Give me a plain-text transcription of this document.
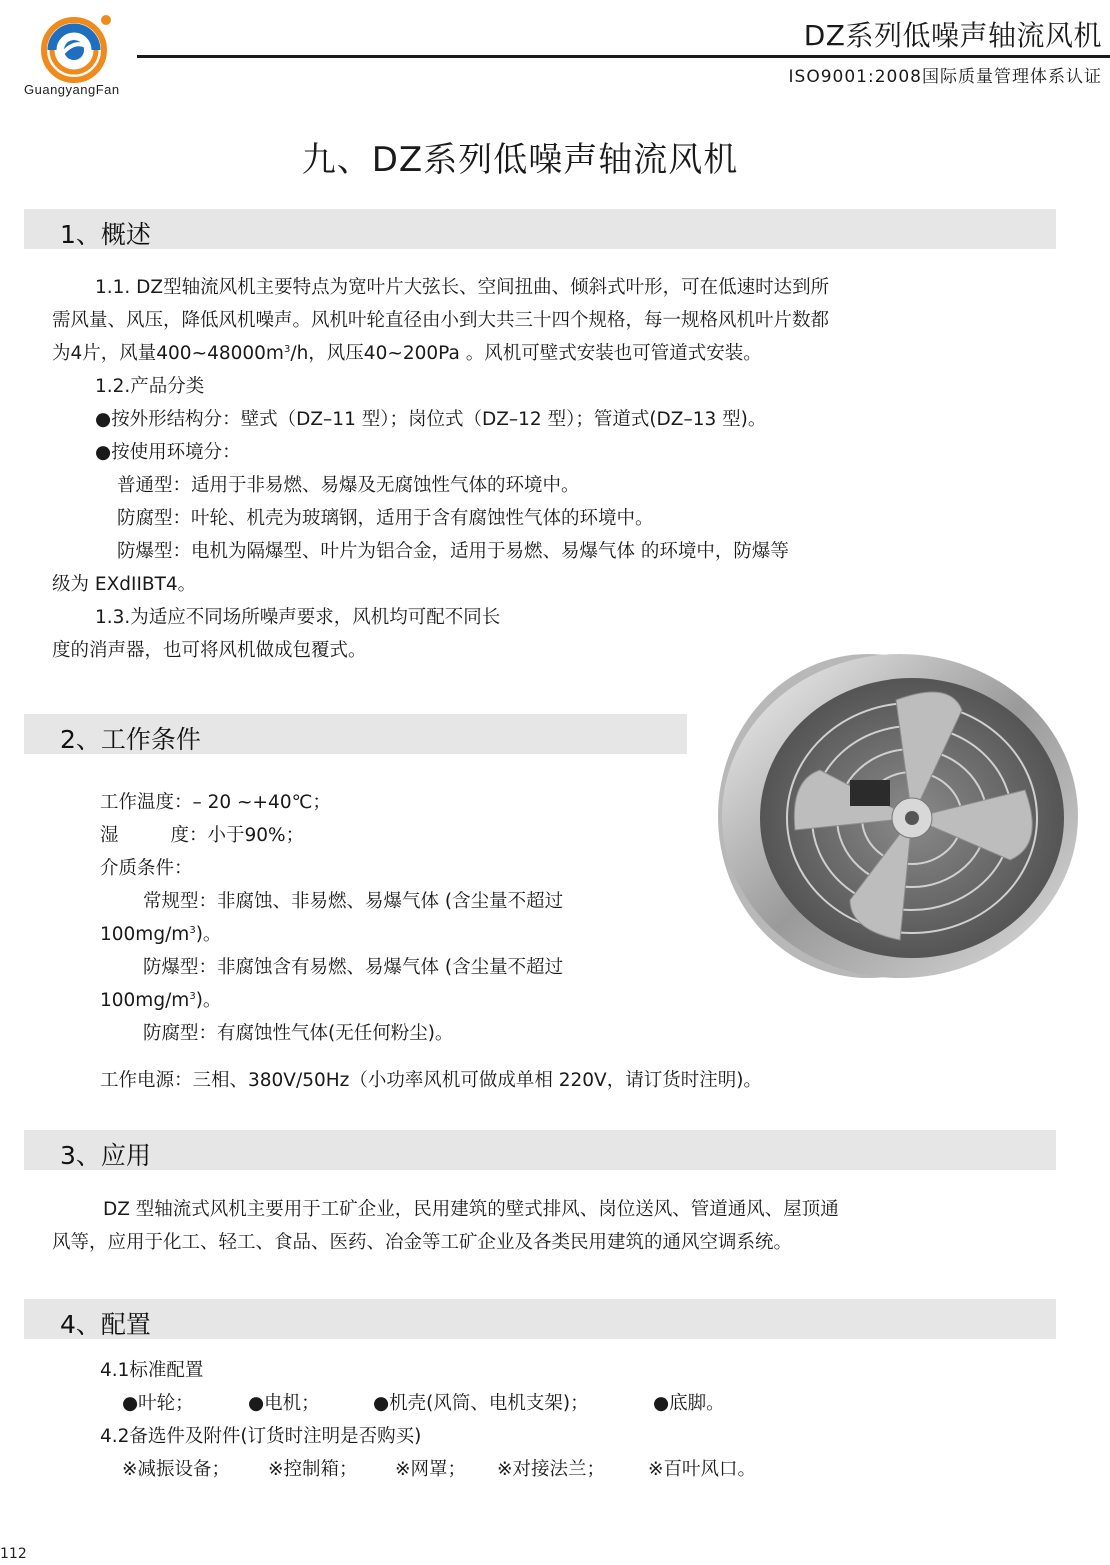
GuangyangFan
DZ系列低噪声轴流风机
ISO9001:2008国际质量管理体系认证
九、DZ系列低噪声轴流风机
1、概述
1.1. DZ型轴流风机主要特点为宽叶片大弦长、空间扭曲、倾斜式叶形，可在低速时达到所
需风量、风压，降低风机噪声。风机叶轮直径由小到大共三十四个规格，每一规格风机叶片数都
为4片，风量$400\sim 48000m^3/h$，风压40~200Pa 。风机可壁式安装也可管道式安装。
1.2.产品分类
●按外形结构分：壁式（DZ–11 型）；岗位式（DZ–12 型）；管道式(DZ–13 型)。
●按使用环境分：
普通型：适用于非易燃、易爆及无腐蚀性气体的环境中。
防腐型：叶轮、机壳为玻璃钢，适用于含有腐蚀性气体的环境中。
防爆型：电机为隔爆型、叶片为铝合金，适用于易燃、易爆气体 的环境中，防爆等
级为 EXdIIBT4。
1.3.为适应不同场所噪声要求，风机均可配不同长
度的消声器，也可将风机做成包覆式。
2、工作条件
工作温度：– 20 ~+40℃；
湿	度：小于90%；
介质条件：
常规型：非腐蚀、非易燃、易爆气体 (含尘量不超过
$100mg/m^3$)。
防爆型：非腐蚀含有易燃、易爆气体 (含尘量不超过
$100mg/m^3$)。
防腐型：有腐蚀性气体(无任何粉尘)。
工作电源：三相、380V/50Hz（小功率风机可做成单相 220V，请订货时注明)。
3、应用
DZ 型轴流式风机主要用于工矿企业，民用建筑的壁式排风、岗位送风、管道通风、屋顶通
风等，应用于化工、轻工、食品、医药、冶金等工矿企业及各类民用建筑的通风空调系统。
4、配置
4.1标准配置
●叶轮；	●电机；	●机壳(风筒、电机支架)；	●底脚。
4.2备选件及附件(订货时注明是否购买)
※减振设备； ※控制箱； ※网罩； ※对接法兰； ※百叶风口。
112
